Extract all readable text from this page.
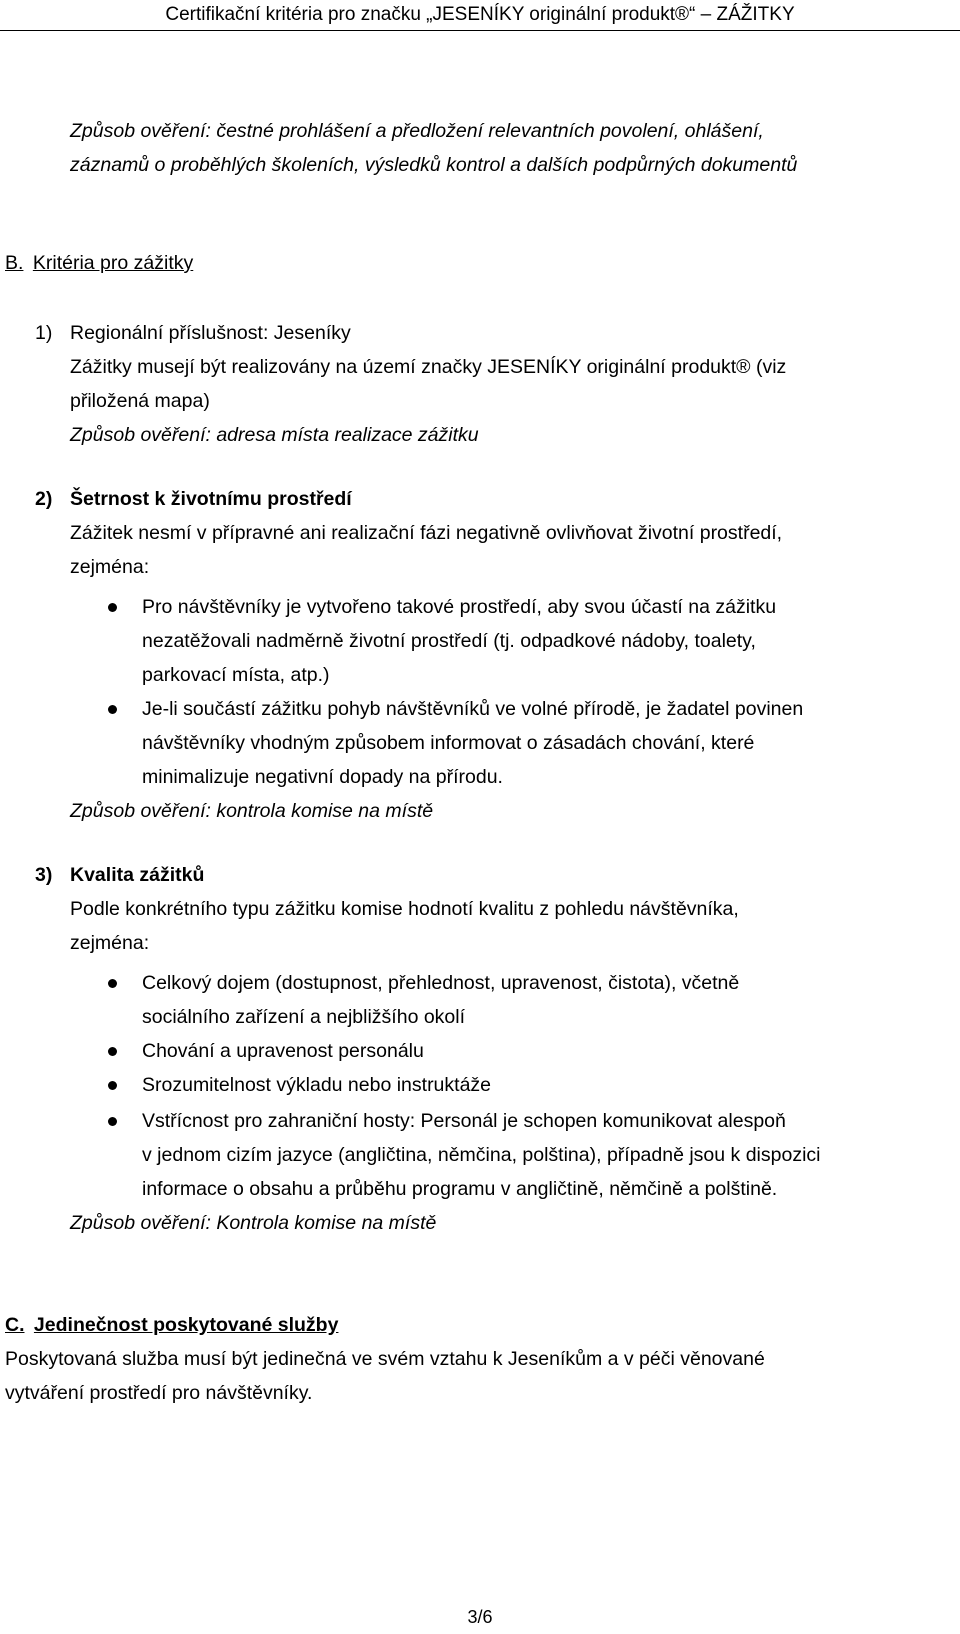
Certifikační kritéria pro značku „JESENÍKY originální produkt®“ – ZÁŽITKY
Způsob ověření: čestné prohlášení a předložení relevantních povolení, ohlášení,
záznamů o proběhlých školeních, výsledků kontrol a dalších podpůrných dokumentů
B. Kritéria pro zážitky
1) Regionální příslušnost: Jeseníky
Zážitky musejí být realizovány na území značky JESENÍKY originální produkt® (viz
přiložená mapa)
Způsob ověření: adresa místa realizace zážitku
2) Šetrnost k životnímu prostředí
Zážitek nesmí v přípravné ani realizační fázi negativně ovlivňovat životní prostředí,
zejména:
Pro návštěvníky je vytvořeno takové prostředí, aby svou účastí na zážitku
nezatěžovali nadměrně životní prostředí (tj. odpadkové nádoby, toalety,
parkovací místa, atp.)
Je-li součástí zážitku pohyb návštěvníků ve volné přírodě, je žadatel povinen
návštěvníky vhodným způsobem informovat o zásadách chování, které
minimalizuje negativní dopady na přírodu.
Způsob ověření: kontrola komise na místě
3) Kvalita zážitků
Podle konkrétního typu zážitku komise hodnotí kvalitu z pohledu návštěvníka,
zejména:
Celkový dojem (dostupnost, přehlednost, upravenost, čistota), včetně
sociálního zařízení a nejbližšího okolí
Chování a upravenost personálu
Srozumitelnost výkladu nebo instruktáže
Vstřícnost pro zahraniční hosty: Personál je schopen komunikovat alespoň
v jednom cizím jazyce (angličtina, němčina, polština), případně jsou k dispozici
informace o obsahu a průběhu programu v angličtině, němčině a polštině.
Způsob ověření: Kontrola komise na místě
C. Jedinečnost poskytované služby
Poskytovaná služba musí být jedinečná ve svém vztahu k Jeseníkům a v péči věnované
vytváření prostředí pro návštěvníky.
3/6
